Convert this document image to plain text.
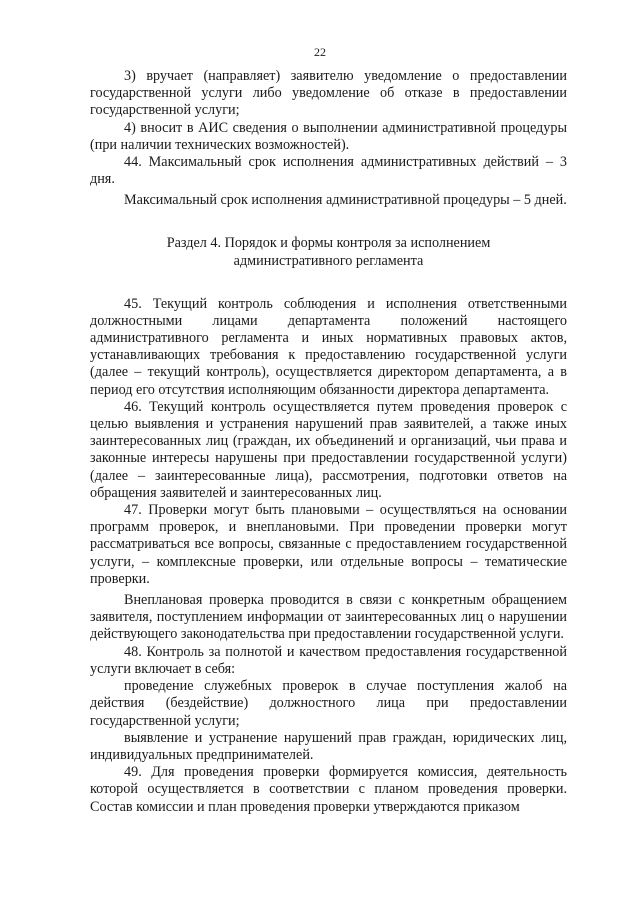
22

3) вручает (направляет) заявителю уведомление о предоставлении государственной услуги либо уведомление об отказе в предоставлении государственной услуги;

4) вносит в АИС сведения о выполнении административной процедуры (при наличии технических возможностей).

44. Максимальный срок исполнения административных действий – 3 дня.

Максимальный срок исполнения административной процедуры – 5 дней.

Раздел 4. Порядок и формы контроля за исполнением
административного регламента

45. Текущий контроль соблюдения и исполнения ответственными должностными лицами департамента положений настоящего административного регламента и иных нормативных правовых актов, устанавливающих требования к предоставлению государственной услуги (далее – текущий контроль), осуществляется директором департамента, а в период его отсутствия исполняющим обязанности директора департамента.

46. Текущий контроль осуществляется путем проведения проверок с целью выявления и устранения нарушений прав заявителей, а также иных заинтересованных лиц (граждан, их объединений и организаций, чьи права и законные интересы нарушены при предоставлении государственной услуги) (далее – заинтересованные лица), рассмотрения, подготовки ответов на обращения заявителей и заинтересованных лиц.

47. Проверки могут быть плановыми – осуществляться на основании программ проверок, и внеплановыми. При проведении проверки могут рассматриваться все вопросы, связанные с предоставлением государственной услуги, – комплексные проверки, или отдельные вопросы – тематические проверки.

Внеплановая проверка проводится в связи с конкретным обращением заявителя, поступлением информации от заинтересованных лиц о нарушении действующего законодательства при предоставлении государственной услуги.

48. Контроль за полнотой и качеством предоставления государственной услуги включает в себя:

проведение служебных проверок в случае поступления жалоб на действия (бездействие) должностного лица при предоставлении государственной услуги;

выявление и устранение нарушений прав граждан, юридических лиц, индивидуальных предпринимателей.

49. Для проведения проверки формируется комиссия, деятельность которой осуществляется в соответствии с планом проведения проверки. Состав комиссии и план проведения проверки утверждаются приказом
